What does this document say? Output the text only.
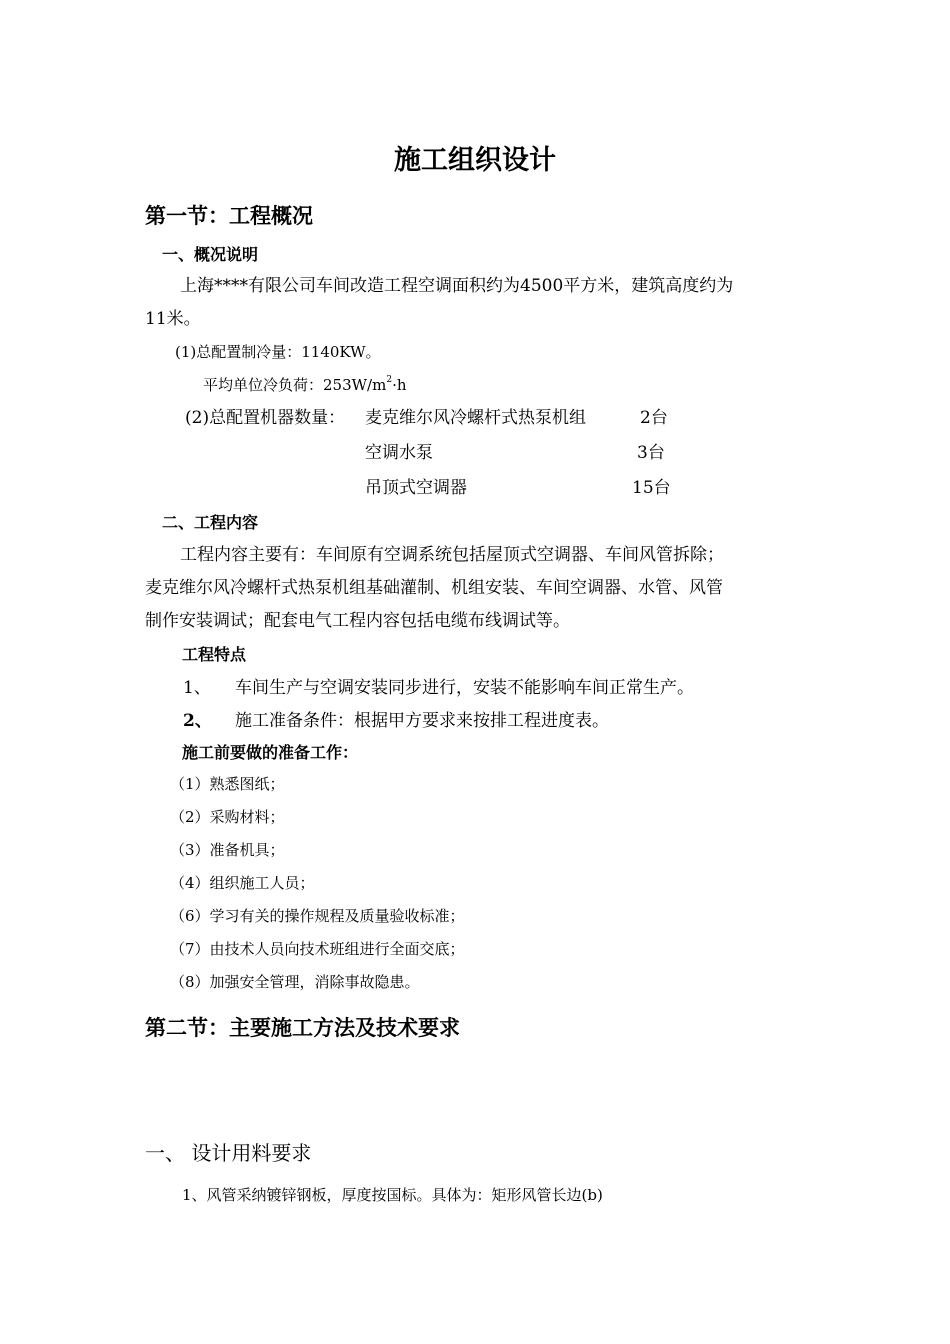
施工组织设计
第一节：工程概况
一、概况说明
上海****有限公司车间改造工程空调面积约为4500平方米，建筑高度约为
11米。
(1)总配置制冷量：1140KW。
平均单位冷负荷：$253W/m^2\cdot h$
(2)总配置机器数量： 麦克维尔风冷螺杆式热泵机组	2台
空调水泵	3台
吊顶式空调器	15台
二、工程内容
工程内容主要有：车间原有空调系统包括屋顶式空调器、车间风管拆除；
麦克维尔风冷螺杆式热泵机组基础灌制、机组安装、车间空调器、水管、风管
制作安装调试；配套电气工程内容包括电缆布线调试等。
工程特点
1、 车间生产与空调安装同步进行，安装不能影响车间正常生产。
2、 施工准备条件：根据甲方要求来按排工程进度表。
施工前要做的准备工作：
（1）熟悉图纸；
（2）采购材料；
（3）准备机具；
（4）组织施工人员；
（6）学习有关的操作规程及质量验收标准；
（7）由技术人员向技术班组进行全面交底；
（8）加强安全管理，消除事故隐患。
第二节：主要施工方法及技术要求
一、 设计用料要求
1、风管采纳镀锌钢板，厚度按国标。具体为：矩形风管长边(b)
